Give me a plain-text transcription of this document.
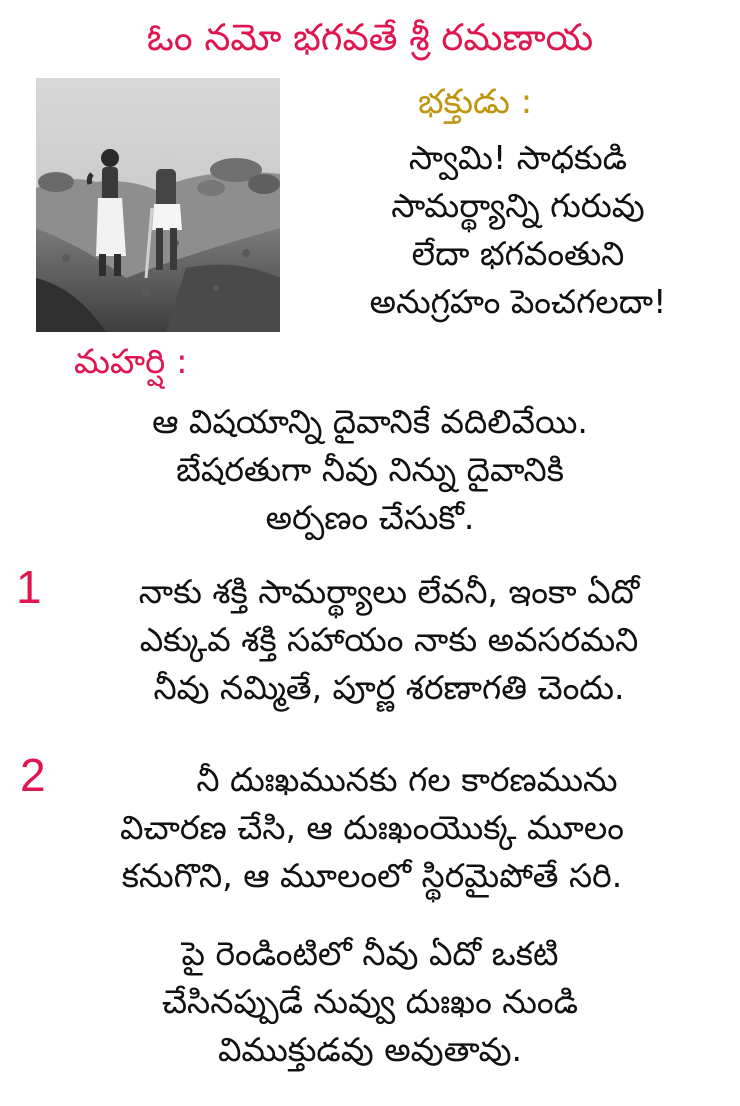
ఓం నమో భగవతే శ్రీ రమణాయ
భక్తుడు :
స్వామి! సాధకుడి
సామర్థ్యాన్ని గురువు
లేదా భగవంతుని
అనుగ్రహం పెంచగలదా!
మహర్షి :
ఆ విషయాన్ని దైవానికే వదిలివేయి.
బేషరతుగా నీవు నిన్ను దైవానికి
అర్పణం చేసుకో.
1	నాకు శక్తి సామర్థ్యాలు లేవనీ, ఇంకా ఏదో
ఎక్కువ శక్తి సహాయం నాకు అవసరమని
నీవు నమ్మితే, పూర్ణ శరణాగతి చెందు.
2	నీ దుఃఖమునకు గల కారణమును
విచారణ చేసి, ఆ దుఃఖంయొక్క మూలం
కనుగొని, ఆ మూలంలో స్థిరమైపోతే సరి.
పై రెండింటిలో నీవు ఏదో ఒకటి
చేసినప్పుడే నువ్వు దుఃఖం నుండి
విముక్తుడవు అవుతావు.
